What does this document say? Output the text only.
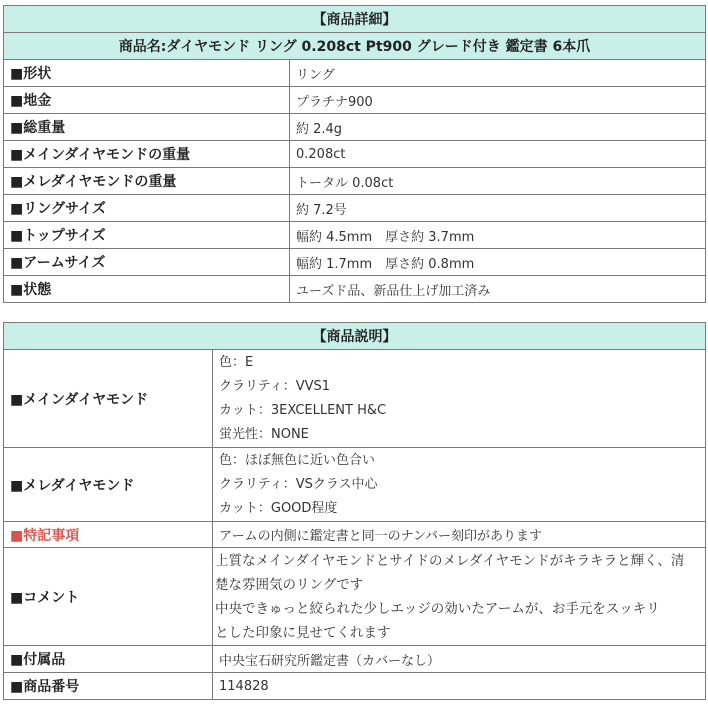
【商品詳細】	
商品名:ダイヤモンド リング 0.208ct Pt900 グレード付き 鑑定書 6本爪	
■形状	リング
■地金	プラチナ900
■総重量	約 2.4g
■メインダイヤモンドの重量	0.208ct
■メレダイヤモンドの重量	トータル 0.08ct
■リングサイズ	約 7.2号
■トップサイズ	幅約 4.5mm　厚さ約 3.7mm
■アームサイズ	幅約 1.7mm　厚さ約 0.8mm
■状態	ユーズド品、新品仕上げ加工済み
【商品説明】	
■メインダイヤモンド	色：E
クラリティ：VVS1
カット：3EXCELLENT H&C
蛍光性：NONE

■メレダイヤモンド	色：ほぼ無色に近い色合い
クラリティ：VSクラス中心
カット：GOOD程度

■特記事項	アームの内側に鑑定書と同一のナンバー刻印があります
■コメント	上質なメインダイヤモンドとサイドのメレダイヤモンドがキラキラと輝く、清
楚な雰囲気のリングです
中央できゅっと絞られた少しエッジの効いたアームが、お手元をスッキリ
とした印象に見せてくれます

■付属品	中央宝石研究所鑑定書（カバーなし）
■商品番号	114828
